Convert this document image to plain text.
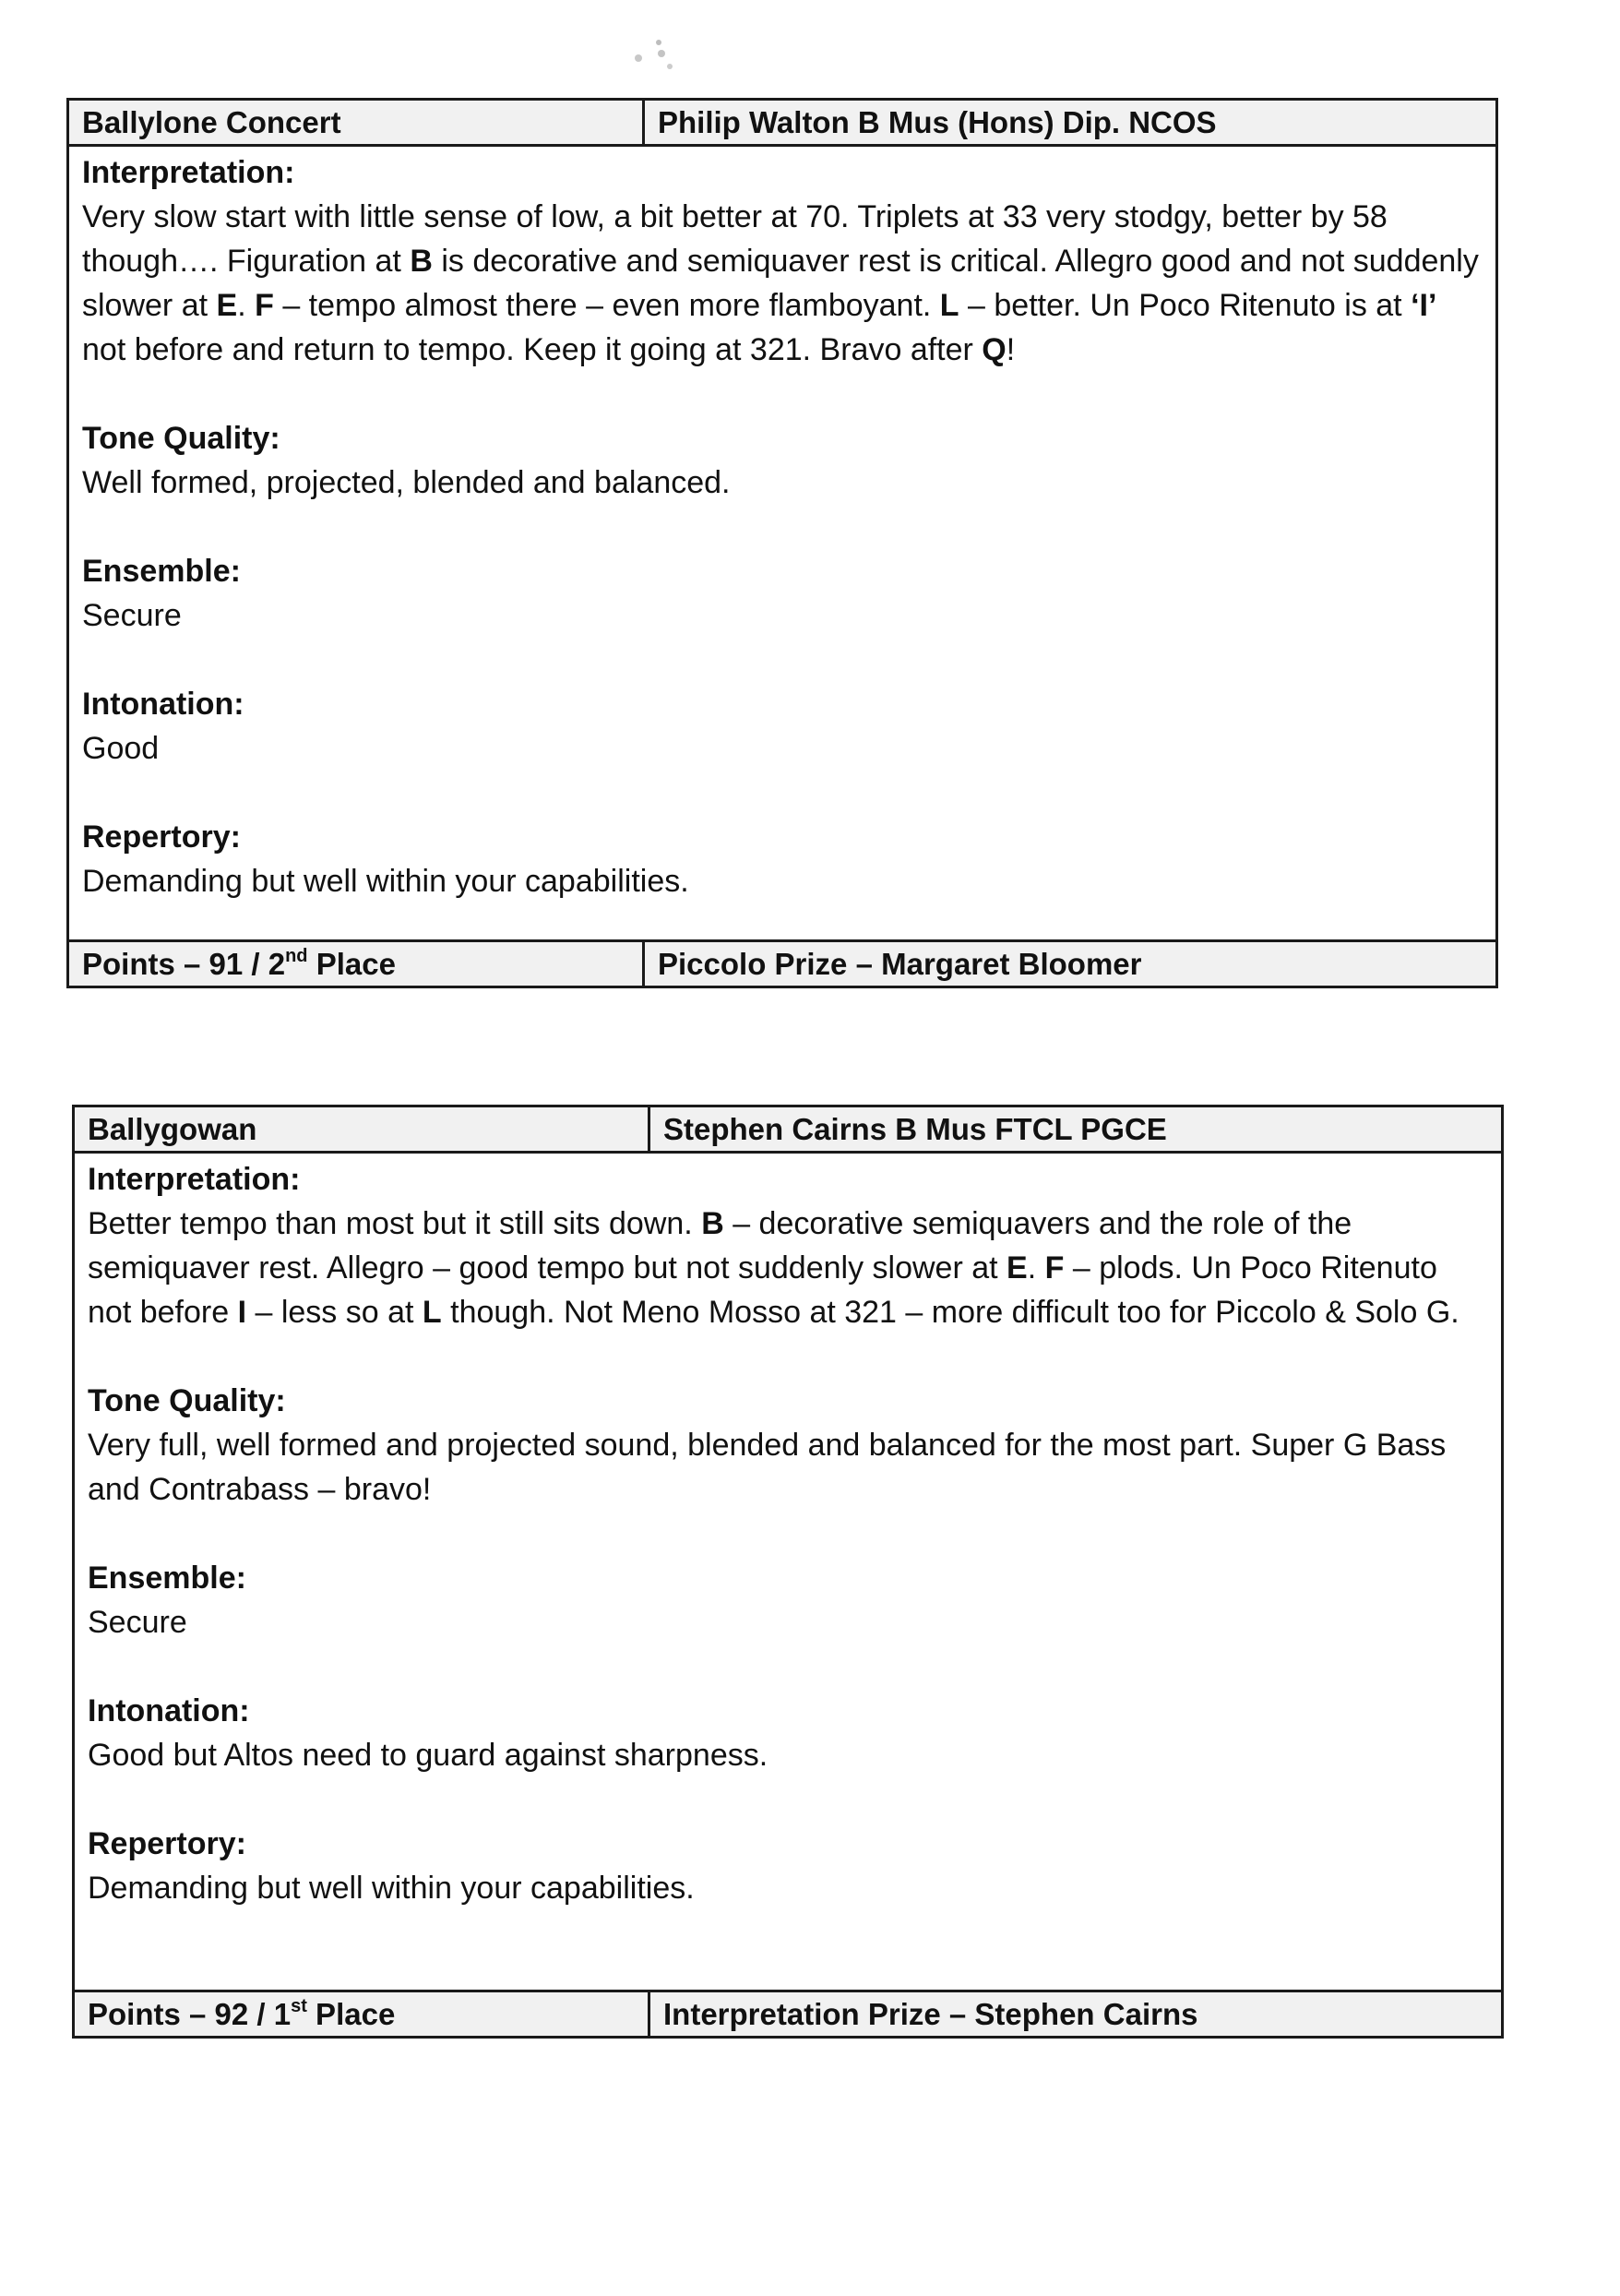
Ballylone Concert	Philip Walton B Mus (Hons) Dip. NCOS
Interpretation:
Very slow start with little sense of low, a bit better at 70. Triplets at 33 very stodgy, better by 58 though…. Figuration at B is decorative and semiquaver rest is critical. Allegro good and not suddenly slower at E. F – tempo almost there – even more flamboyant. L – better. Un Poco Ritenuto is at ‘I’ not before and return to tempo. Keep it going at 321. Bravo after Q!
Tone Quality:
Well formed, projected, blended and balanced.
Ensemble:
Secure
Intonation:
Good
Repertory:
Demanding but well within your capabilities.
Points – 91 / 2nd Place	Piccolo Prize – Margaret Bloomer
Ballygowan	Stephen Cairns B Mus FTCL PGCE
Interpretation:
Better tempo than most but it still sits down. B – decorative semiquavers and the role of the semiquaver rest. Allegro – good tempo but not suddenly slower at E. F – plods. Un Poco Ritenuto not before I – less so at L though. Not Meno Mosso at 321 – more difficult too for Piccolo & Solo G.
Tone Quality:
Very full, well formed and projected sound, blended and balanced for the most part. Super G Bass and Contrabass – bravo!
Ensemble:
Secure
Intonation:
Good but Altos need to guard against sharpness.
Repertory:
Demanding but well within your capabilities.
Points – 92 / 1st Place	Interpretation Prize – Stephen Cairns
